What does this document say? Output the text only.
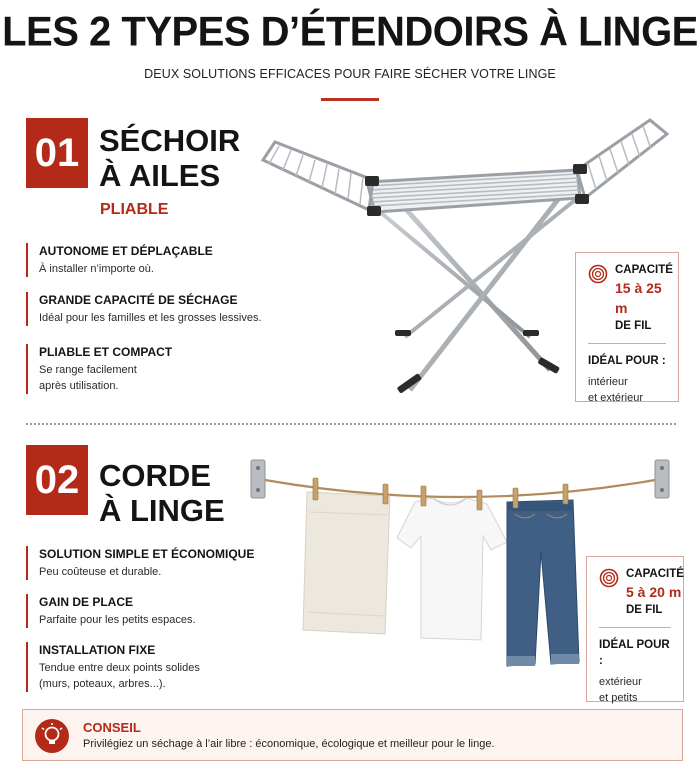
LES 2 TYPES D’ÉTENDOIRS À LINGE
DEUX SOLUTIONS EFFICACES POUR FAIRE SÉCHER VOTRE LINGE
01 SÉCHOIR
À AILES
PLIABLE
AUTONOME ET DÉPLAÇABLE
À installer n’importe où.
GRANDE CAPACITÉ DE SÉCHAGE
Idéal pour les familles et les grosses lessives.
PLIABLE ET COMPACT
Se range facilement
après utilisation.
CAPACITÉ
15 à 25 m
DE FIL
IDÉAL POUR :
intérieur
et extérieur
02 CORDE
À LINGE
SOLUTION SIMPLE ET ÉCONOMIQUE
Peu coûteuse et durable.
GAIN DE PLACE
Parfaite pour les petits espaces.
INSTALLATION FIXE
Tendue entre deux points solides
(murs, poteaux, arbres...).
CAPACITÉ
5 à 20 m
DE FIL
IDÉAL POUR :
extérieur
et petits
CONSEIL
Privilégiez un séchage à l’air libre : économique, écologique et meilleur pour le linge.
